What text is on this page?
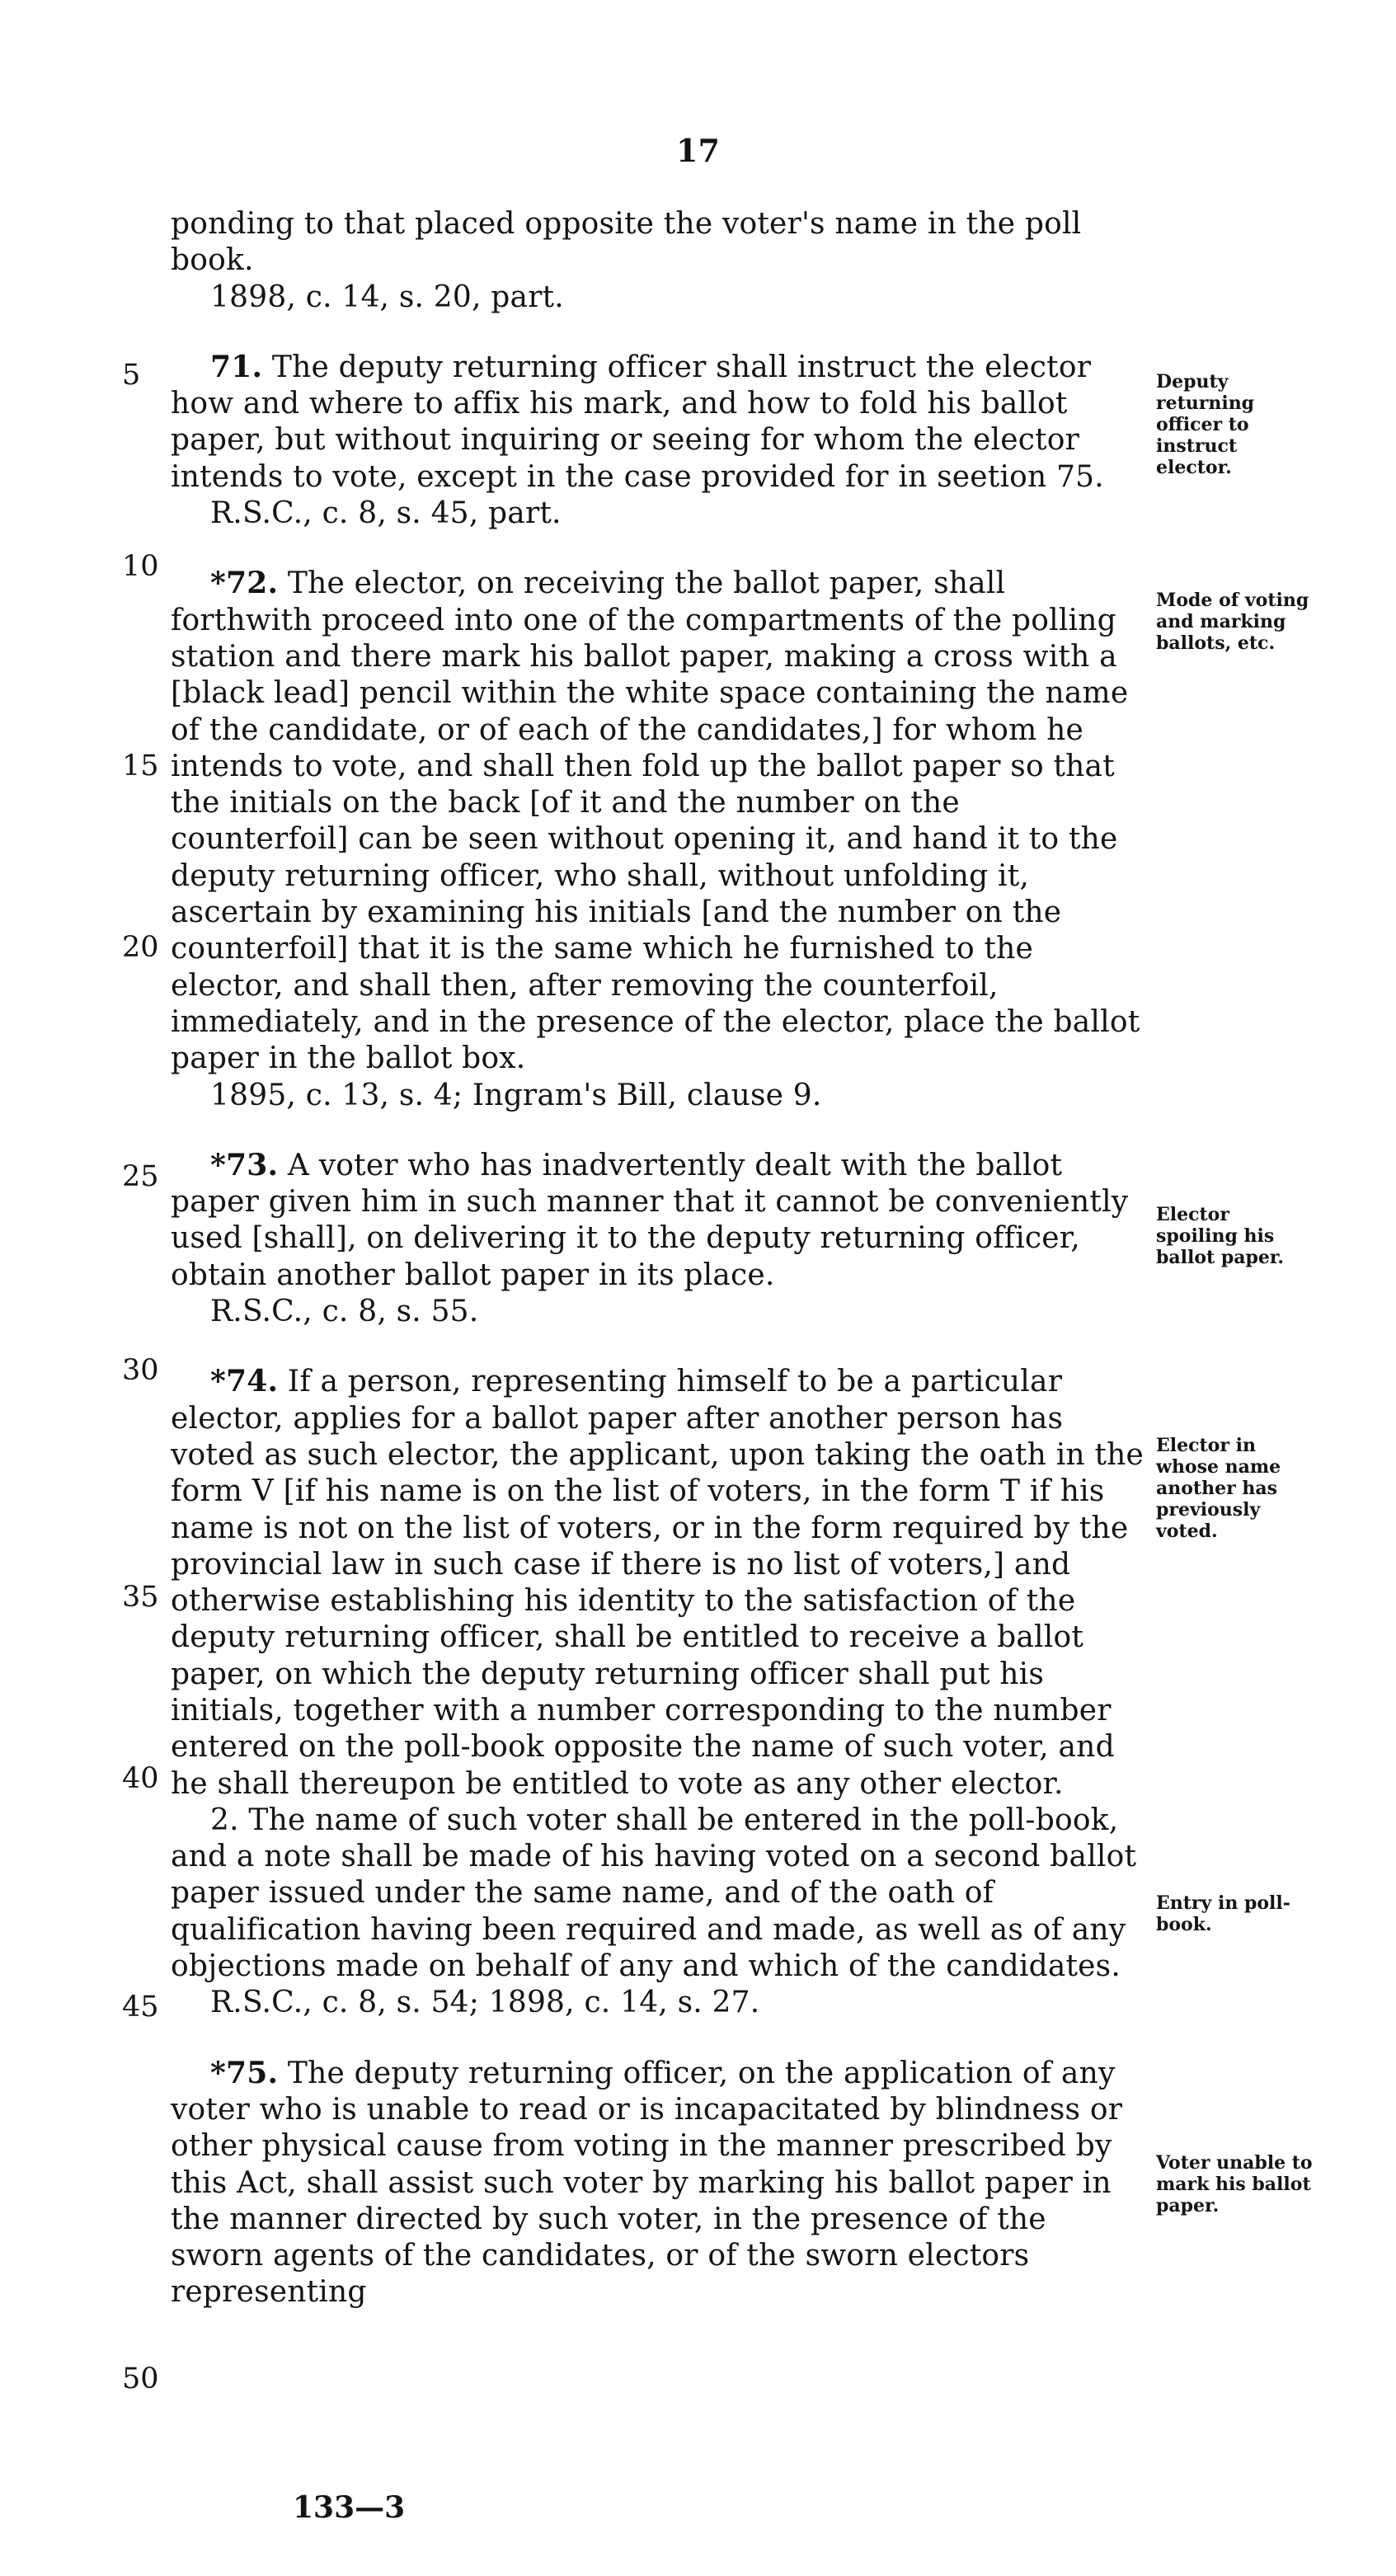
17
5
10
15
20
25
30
35
40
45
50
Deputy returning officer to instruct elector.
Mode of voting and marking ballots, etc.
Elector spoiling his ballot paper.
Elector in whose name another has previously voted.
Entry in poll-book.
Voter unable to mark his ballot paper.

ponding to that placed opposite the voter's name in the poll book.

1898, c. 14, s. 20, part.

71. The deputy returning officer shall instruct the elector how and where to affix his mark, and how to fold his ballot paper, but without inquiring or seeing for whom the elector intends to vote, except in the case provided for in seetion 75.

R.S.C., c. 8, s. 45, part.

*72. The elector, on receiving the ballot paper, shall forthwith proceed into one of the compartments of the polling station and there mark his ballot paper, making a cross with a [black lead] pencil within the white space containing the name of the candidate, or of each of the candidates,] for whom he intends to vote, and shall then fold up the ballot paper so that the initials on the back [of it and the number on the counterfoil] can be seen without opening it, and hand it to the deputy returning officer, who shall, without unfolding it, ascertain by examining his initials [and the number on the counterfoil] that it is the same which he furnished to the elector, and shall then, after removing the counterfoil, immediately, and in the presence of the elector, place the ballot paper in the ballot box.

1895, c. 13, s. 4; Ingram's Bill, clause 9.

*73. A voter who has inadvertently dealt with the ballot paper given him in such manner that it cannot be conveniently used [shall], on delivering it to the deputy returning officer, obtain another ballot paper in its place.

R.S.C., c. 8, s. 55.

*74. If a person, representing himself to be a particular elector, applies for a ballot paper after another person has voted as such elector, the applicant, upon taking the oath in the form V [if his name is on the list of voters, in the form T if his name is not on the list of voters, or in the form required by the provincial law in such case if there is no list of voters,] and otherwise establishing his identity to the satisfaction of the deputy returning officer, shall be entitled to receive a ballot paper, on which the deputy returning officer shall put his initials, together with a number corresponding to the number entered on the poll-book opposite the name of such voter, and he shall thereupon be entitled to vote as any other elector.

2. The name of such voter shall be entered in the poll-book, and a note shall be made of his having voted on a second ballot paper issued under the same name, and of the oath of qualification having been required and made, as well as of any objections made on behalf of any and which of the candidates.

R.S.C., c. 8, s. 54; 1898, c. 14, s. 27.

*75. The deputy returning officer, on the application of any voter who is unable to read or is incapacitated by blindness or other physical cause from voting in the manner prescribed by this Act, shall assist such voter by marking his ballot paper in the manner directed by such voter, in the presence of the sworn agents of the candidates, or of the sworn electors representing

133—3
